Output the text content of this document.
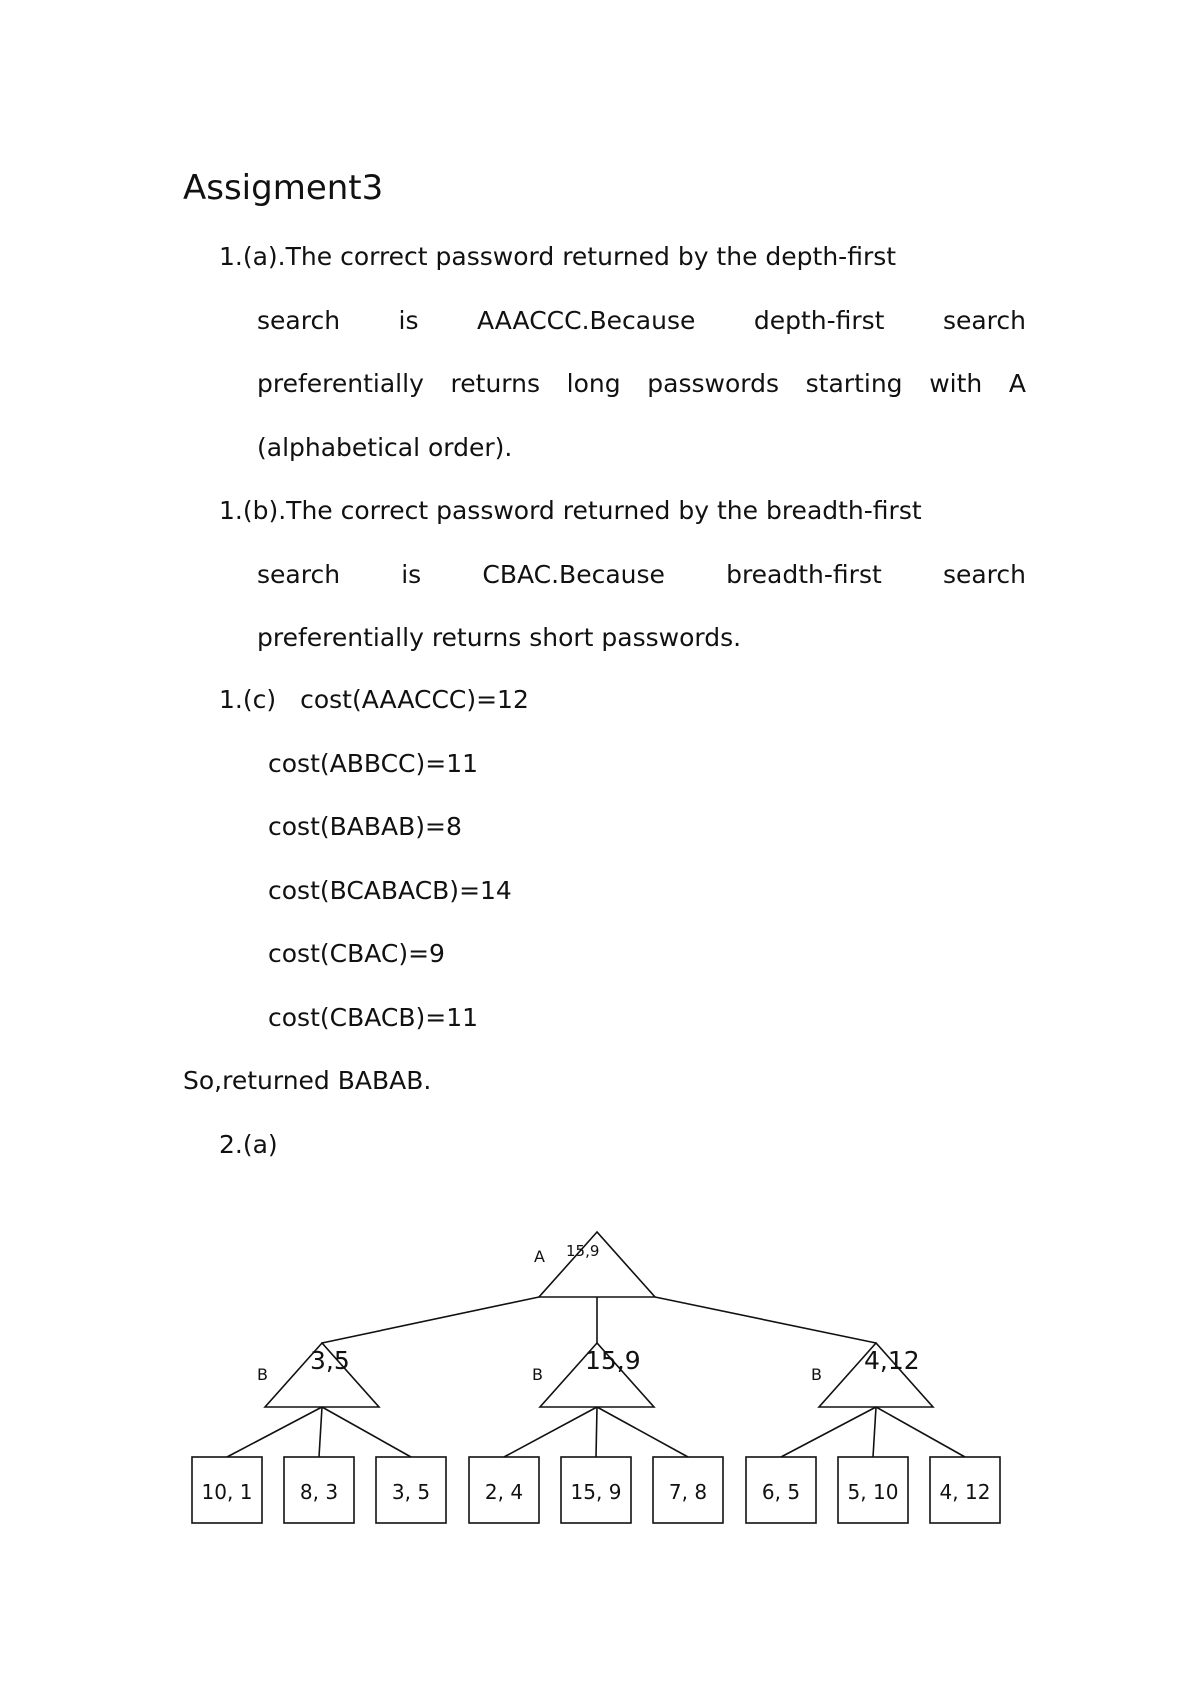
Assigment3
1.(a).The correct password returned by the depth-first
search is AAACCC.Because depth-first search
preferentially returns long passwords starting with A
(alphabetical order).
1.(b).The correct password returned by the breadth-first
search is CBAC.Because breadth-first search
preferentially returns short passwords.
1.(c) cost(AAACCC)=12
cost(ABBCC)=11
cost(BABAB)=8
cost(BCABACB)=14
cost(CBAC)=9
cost(CBACB)=11
So,returned BABAB.
2.(a)
A 15,9
B 3,5
10, 1 8, 3	3, 5
B 15,9
2, 4 15, 9 7, 8
B 4,12
6, 5 5, 10 4, 12
